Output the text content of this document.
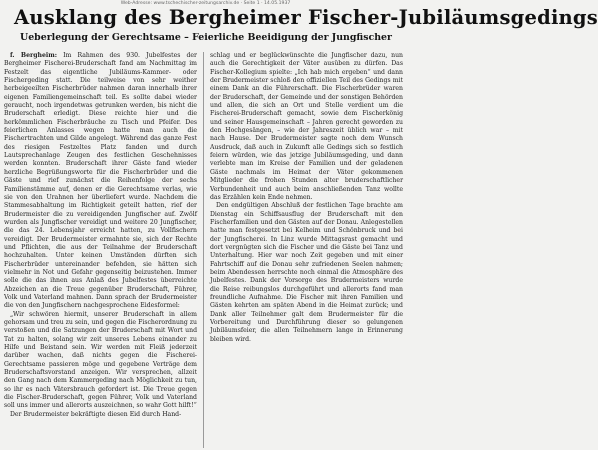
Web-Adresse: www.tschechischer-zeitungsarchiv.de · Seite 1 · 14.05.1937
Ausklang des Bergheimer Fischer-Jubiläumsgedings
Ueberlegung der Gerechtsame – Feierliche Beeidigung der Jungfischer

f. Bergheim: Im Rahmen des 930. Jubelfestes der Bergheimer Fischerei-Bruderschaft fand am Nachmittag im Festzelt das eigentliche Jubiläums-Kammer- oder Fischergeding statt. Die teilweise von sehr weither herbeigeeilten Fischerbrüder nahmen daran innerhalb ihrer eigenen Familiengemeinschaft teil. Es sollte dabei wieder geraucht, noch irgendetwas getrunken werden, bis nicht die Bruderschaft erledigt. Diese reichte hier und die herkömmlichen Fischerbräuche zu Tisch und Pfeifer. Des feierlichen Anlasses wegen hatte man auch die Fischertrachten und Gilde angelegt. Während das ganze Fest des riesigen Festzeltes Platz fanden und durch Lautsprechanlage Zeugen des festlichen Geschehnisses werden konnten. Bruderschaft ihrer Gäste fand wieder herzliche Begrüßungsworte für die Fischerbrüder und die Gäste und rief zunächst die Reihenfolge der sechs Familienstämme auf, denen er die Gerechtsame verlas, wie sie von den Urahnen her überliefert wurde. Nachdem die Stammesabhaltung im Richtigkeit geteilt hatten, rief der Brudermeister die zu vereidigenden Jungfischer auf. Zwölf wurden als Jungfischer vereidigt und weitere 20 Jungfischer, die das 24. Lebensjahr erreicht hatten, zu Vollfischern vereidigt. Der Brudermeister ermahnte sie, sich der Rechte und Pflichten, die aus der Teilnahme der Bruderschaft hochzuhalten. Unter keinen Umständen dürften sich Fischerbrüder untereinander befehden, sie hätten sich vielmehr in Not und Gefahr gegenseitig beizustehen. Immer solle die das ihnen aus Anlaß des Jubelfestes überreichte Abzeichen an die Treue gegenüber Bruderschaft, Führer, Volk und Vaterland mahnen. Dann sprach der Brudermeister die von den Jungfischern nachgesprochene Eidesformel:

„Wir schwören hiermit, unserer Bruderschaft in allem gehorsam und treu zu sein, und gegen die Fischerordnung zu verstoßen und die Satzungen der Bruderschaft mit Wort und Tat zu halten, solang wir zeit unseres Lebens einander zu Hilfe und Beistand sein. Wir werden mit Fleiß jederzeit darüber wachen, daß nichts gegen die Fischerei-Gerechtsame passieren möge und gegebene Verträge dem Bruderschaftsvorstand anzeigen. Wir versprechen, allzeit den Gang nach dem Kammergeding nach Möglichkeit zu tun, so ihr es nach Vätersbrauch gefordert ist. Die Treue gegen die Fischer-Bruderschaft, gegen Führer, Volk und Vaterland soll uns immer und allerorts auszeichnen, so wahr Gott hilft!“

Der Brudermeister bekräftigte diesen Eid durch Hand-

schlag und er beglückwünschte die Jungfischer dazu, nun auch die Gerechtigkeit der Väter ausüben zu dürfen. Das Fischer-Kollegium spielte: „Ich hab mich ergeben“ und dann der Brudermeister schloß den offiziellen Teil des Gedings mit einem Dank an die Führerschaft. Die Fischerbrüder waren der Bruderschaft, der Gemeinde und der sonstigen Behörden und allen, die sich an Ort und Stelle verdient um die Fischerei-Bruderschaft gemacht, sowie dem Fischerkönig und seiner Hausgemeinschaft – Jahren gerecht geworden zu den Hochgesängen, – wie der Jahreszeit üblich war – mit nach Hause. Der Brudermeister sagte noch dem Wunsch Ausdruck, daß auch in Zukunft alle Gedings sich so festlich feiern würden, wie das jetzige Jubiläumsgeding, und dann verlebte man im Kreise der Familien und der geladenen Gäste nachmals im Heimat der Väter gekommenen Mitglieder die frohen Stunden alter bruderschaftlicher Verbundenheit und auch beim anschließenden Tanz wollte das Erzählen kein Ende nehmen.

Den endgültigen Abschluß der festlichen Tage brachte am Dienstag ein Schiffsausflug der Bruderschaft mit den Fischerfamilien und den Gästen auf der Donau. Anlegestellen hatte man festgesetzt bei Kelheim und Schönbruck und bei der Jungfischerei. In Linz wurde Mittagsrast gemacht und dort vergnügten sich die Fischer und die Gäste bei Tanz und Unterhaltung. Hier war noch Zeit gegeben und mit einer Fahrtschiff auf die Donau sehr zufriedenen Seelen nahmen; beim Abendessen herrschte noch einmal die Atmosphäre des Jubelfestes. Dank der Vorsorge des Brudermeisters wurde die Reise reibungslos durchgeführt und allerorts fand man freundliche Aufnahme. Die Fischer mit ihren Familien und Gästen kehrten am späten Abend in die Heimat zurück; und Dank aller Teilnehmer galt dem Brudermeister für die Vorbereitung und Durchführung dieser so gelungenen Jubiläumsfeier, die allen Teilnehmern lange in Erinnerung bleiben wird.
